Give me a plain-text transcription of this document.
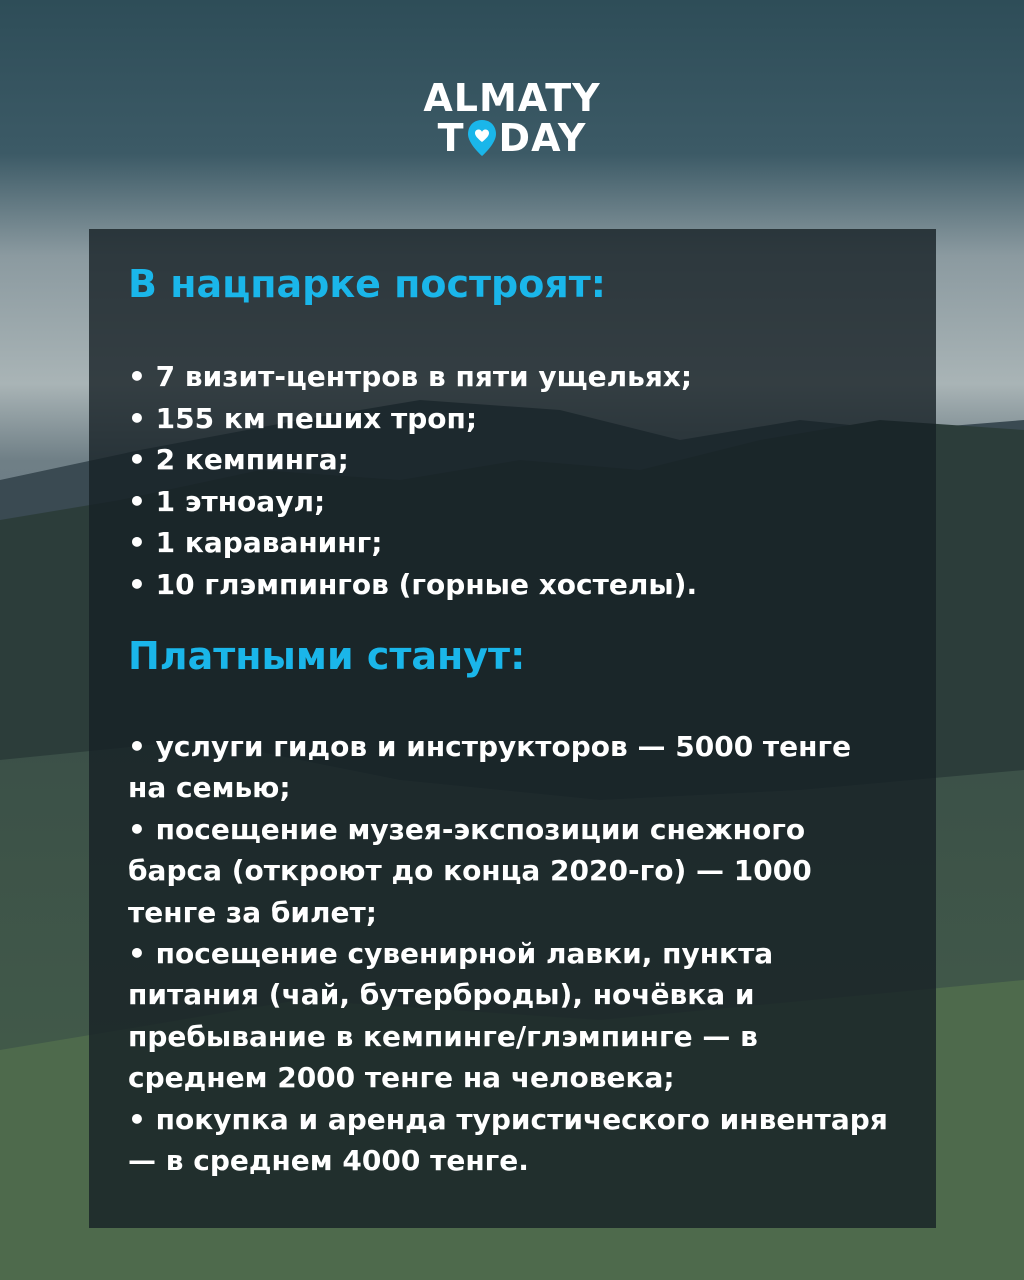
ALMATY
T DAY
В нацпарке построят:
• 7 визит-центров в пяти ущельях;
• 155 км пеших троп;
• 2 кемпинга;
• 1 этноаул;
• 1 караванинг;
• 10 глэмпингов (горные хостелы).
Платными станут:
• услуги гидов и инструкторов — 5000 тенге на семью;
• посещение музея-экспозиции снежного барса (откроют до конца 2020-го) — 1000 тенге за билет;
• посещение сувенирной лавки, пункта питания (чай, бутерброды), ночёвка и пребывание в кемпинге/глэмпинге — в среднем 2000 тенге на человека;
• покупка и аренда туристического инвентаря — в среднем 4000 тенге.
